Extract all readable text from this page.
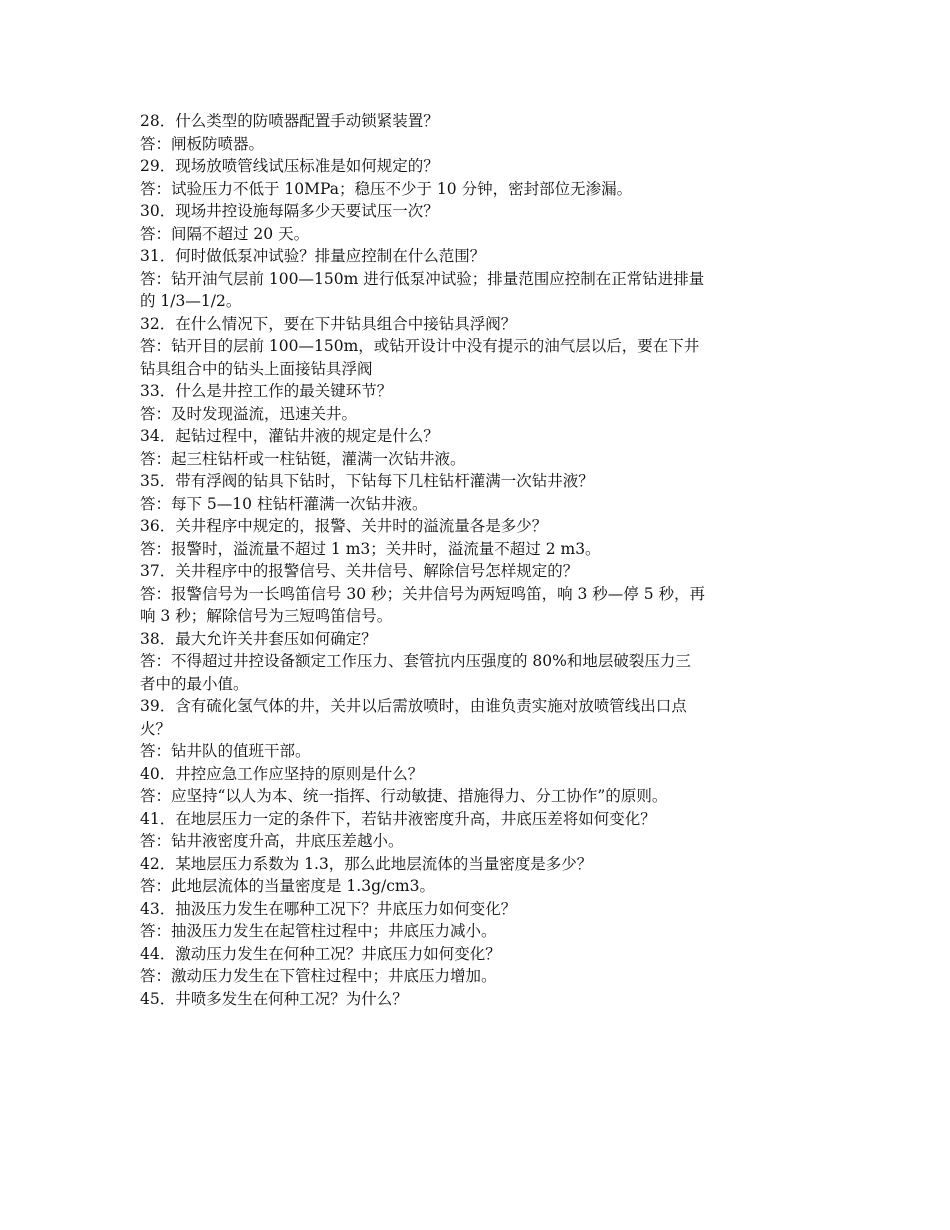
28．什么类型的防喷器配置手动锁紧装置？
答：闸板防喷器。
29．现场放喷管线试压标准是如何规定的？
答：试验压力不低于 10MPa；稳压不少于 10 分钟，密封部位无渗漏。
30．现场井控设施每隔多少天要试压一次？
答：间隔不超过 20 天。
31．何时做低泵冲试验？排量应控制在什么范围？
答：钻开油气层前 100—150m 进行低泵冲试验；排量范围应控制在正常钻进排量
的 1/3—1/2。
32．在什么情况下，要在下井钻具组合中接钻具浮阀？
答：钻开目的层前 100—150m，或钻开设计中没有提示的油气层以后，要在下井
钻具组合中的钻头上面接钻具浮阀
33．什么是井控工作的最关键环节？
答：及时发现溢流，迅速关井。
34．起钻过程中，灌钻井液的规定是什么？
答：起三柱钻杆或一柱钻铤，灌满一次钻井液。
35．带有浮阀的钻具下钻时，下钻每下几柱钻杆灌满一次钻井液？
答：每下 5—10 柱钻杆灌满一次钻井液。
36．关井程序中规定的，报警、关井时的溢流量各是多少？
答：报警时，溢流量不超过 1 m3；关井时，溢流量不超过 2 m3。
37．关井程序中的报警信号、关井信号、解除信号怎样规定的？
答：报警信号为一长鸣笛信号 30 秒；关井信号为两短鸣笛，响 3 秒—停 5 秒，再
响 3 秒；解除信号为三短鸣笛信号。
38．最大允许关井套压如何确定？
答：不得超过井控设备额定工作压力、套管抗内压强度的 80%和地层破裂压力三
者中的最小值。
39．含有硫化氢气体的井，关井以后需放喷时，由谁负责实施对放喷管线出口点
火？
答：钻井队的值班干部。
40．井控应急工作应坚持的原则是什么？
答：应坚持“以人为本、统一指挥、行动敏捷、措施得力、分工协作”的原则。
41．在地层压力一定的条件下，若钻井液密度升高，井底压差将如何变化？
答：钻井液密度升高，井底压差越小。
42．某地层压力系数为 1.3，那么此地层流体的当量密度是多少？
答：此地层流体的当量密度是 1.3g/cm3。
43．抽汲压力发生在哪种工况下？井底压力如何变化？
答：抽汲压力发生在起管柱过程中；井底压力减小。
44．激动压力发生在何种工况？井底压力如何变化？
答：激动压力发生在下管柱过程中；井底压力增加。
45．井喷多发生在何种工况？为什么？
